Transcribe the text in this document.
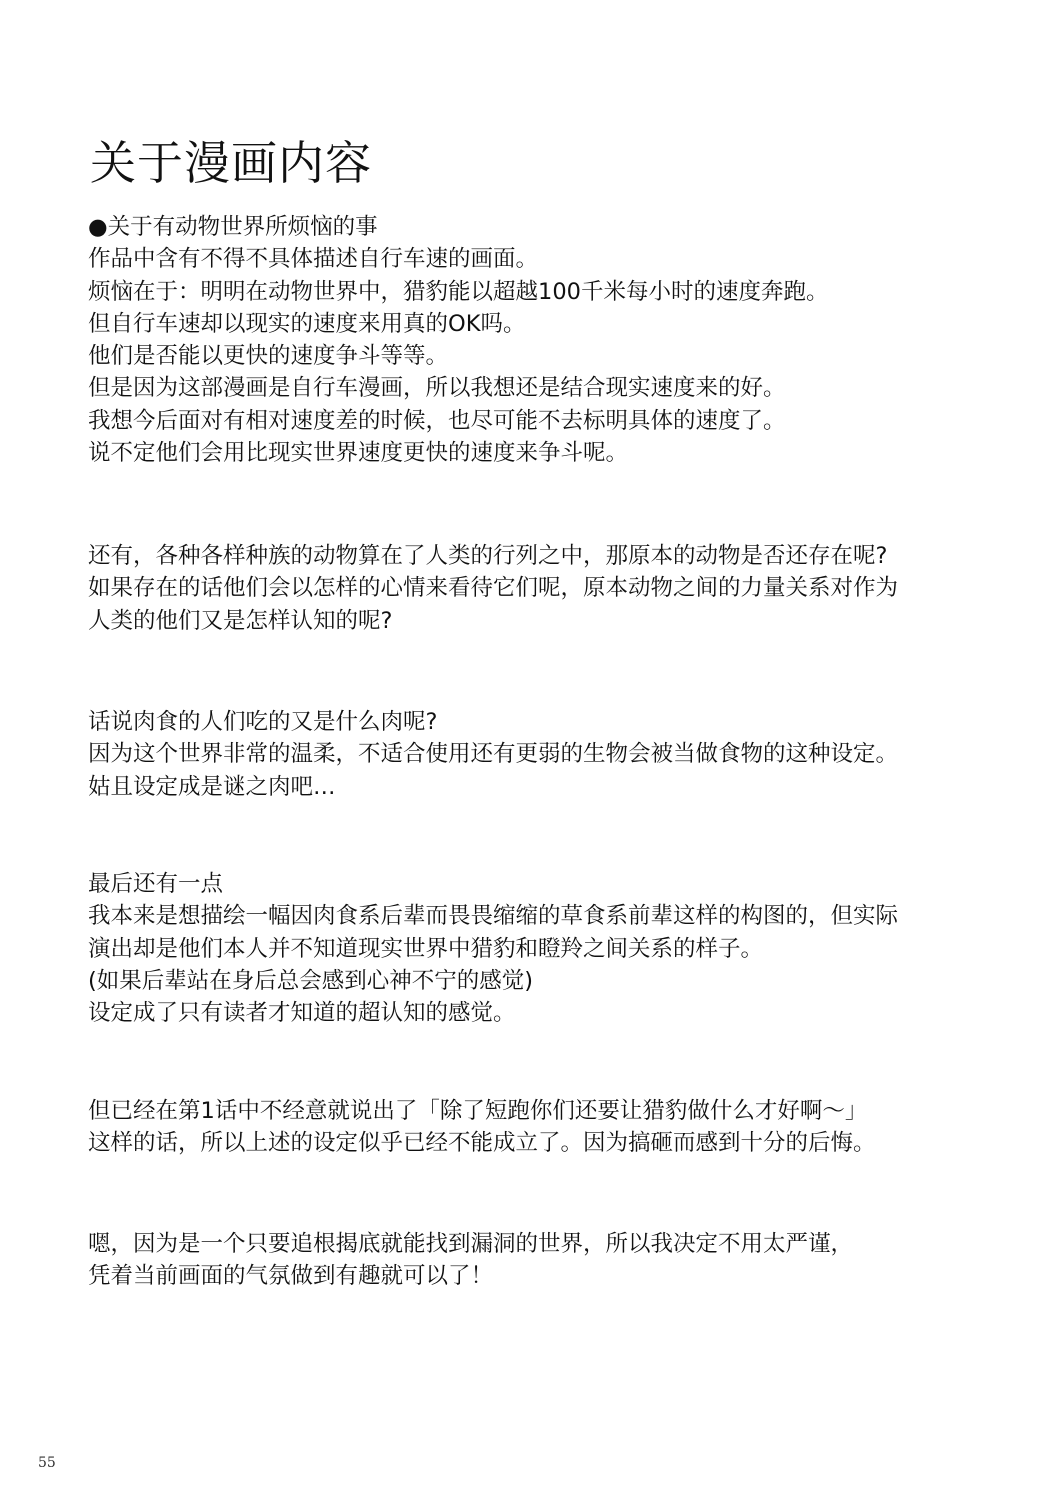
关于漫画内容
●关于有动物世界所烦恼的事
作品中含有不得不具体描述自行车速的画面。
烦恼在于：明明在动物世界中，猎豹能以超越100千米每小时的速度奔跑。
但自行车速却以现实的速度来用真的OK吗。
他们是否能以更快的速度争斗等等。
但是因为这部漫画是自行车漫画，所以我想还是结合现实速度来的好。
我想今后面对有相对速度差的时候，也尽可能不去标明具体的速度了。
说不定他们会用比现实世界速度更快的速度来争斗呢。
还有，各种各样种族的动物算在了人类的行列之中，那原本的动物是否还存在呢?
如果存在的话他们会以怎样的心情来看待它们呢，原本动物之间的力量关系对作为
人类的他们又是怎样认知的呢?
话说肉食的人们吃的又是什么肉呢?
因为这个世界非常的温柔，不适合使用还有更弱的生物会被当做食物的这种设定。
姑且设定成是谜之肉吧…
最后还有一点
我本来是想描绘一幅因肉食系后辈而畏畏缩缩的草食系前辈这样的构图的，但实际
演出却是他们本人并不知道现实世界中猎豹和瞪羚之间关系的样子。
(如果后辈站在身后总会感到心神不宁的感觉)
设定成了只有读者才知道的超认知的感觉。
但已经在第1话中不经意就说出了「除了短跑你们还要让猎豹做什么才好啊～」
这样的话，所以上述的设定似乎已经不能成立了。因为搞砸而感到十分的后悔。
嗯，因为是一个只要追根揭底就能找到漏洞的世界，所以我决定不用太严谨，
凭着当前画面的气氛做到有趣就可以了！
55
